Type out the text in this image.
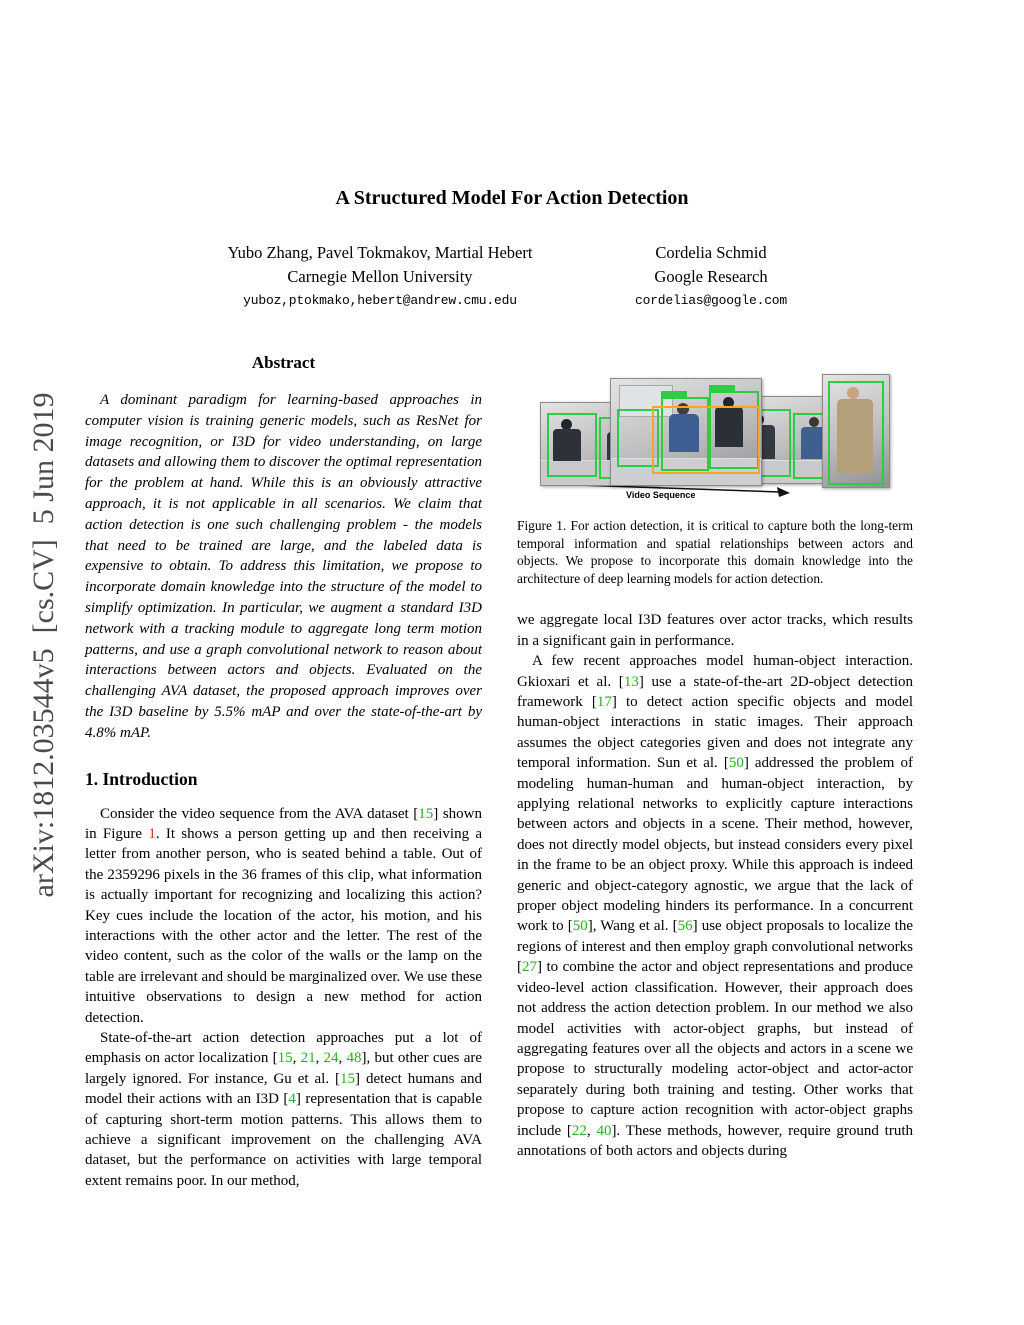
arXiv:1812.03544v5  [cs.CV]  5 Jun 2019
A Structured Model For Action Detection
Yubo Zhang, Pavel Tokmakov, Martial Hebert
Carnegie Mellon University
yuboz,ptokmako,hebert@andrew.cmu.edu
Cordelia Schmid
Google Research
cordelias@google.com
Abstract

A dominant paradigm for learning-based approaches in computer vision is training generic models, such as ResNet for image recognition, or I3D for video understanding, on large datasets and allowing them to discover the optimal representation for the problem at hand. While this is an obviously attractive approach, it is not applicable in all scenarios. We claim that action detection is one such challenging problem - the models that need to be trained are large, and the labeled data is expensive to obtain. To address this limitation, we propose to incorporate domain knowledge into the structure of the model to simplify optimization. In particular, we augment a standard I3D network with a tracking module to aggregate long term motion patterns, and use a graph convolutional network to reason about interactions between actors and objects. Evaluated on the challenging AVA dataset, the proposed approach improves over the I3D baseline by 5.5% mAP and over the state-of-the-art by 4.8% mAP.

1. Introduction

Consider the video sequence from the AVA dataset [15] shown in Figure 1. It shows a person getting up and then receiving a letter from another person, who is seated behind a table. Out of the 2359296 pixels in the 36 frames of this clip, what information is actually important for recognizing and localizing this action? Key cues include the location of the actor, his motion, and his interactions with the other actor and the letter. The rest of the video content, such as the color of the walls or the lamp on the table are irrelevant and should be marginalized over. We use these intuitive observations to design a new method for action detection.

State-of-the-art action detection approaches put a lot of emphasis on actor localization [15, 21, 24, 48], but other cues are largely ignored. For instance, Gu et al. [15] detect humans and model their actions with an I3D [4] representation that is capable of capturing short-term motion patterns. This allows them to achieve a significant improvement on the challenging AVA dataset, but the performance on activities with large temporal extent remains poor. In our method,

Video Sequence
Figure 1. For action detection, it is critical to capture both the long-term temporal information and spatial relationships between actors and objects. We propose to incorporate this domain knowledge into the architecture of deep learning models for action detection.

we aggregate local I3D features over actor tracks, which results in a significant gain in performance.

A few recent approaches model human-object interaction. Gkioxari et al. [13] use a state-of-the-art 2D-object detection framework [17] to detect action specific objects and model human-object interactions in static images. Their approach assumes the object categories given and does not integrate any temporal information. Sun et al. [50] addressed the problem of modeling human-human and human-object interaction, by applying relational networks to explicitly capture interactions between actors and objects in a scene. Their method, however, does not directly model objects, but instead considers every pixel in the frame to be an object proxy. While this approach is indeed generic and object-category agnostic, we argue that the lack of proper object modeling hinders its performance. In a concurrent work to [50], Wang et al. [56] use object proposals to localize the regions of interest and then employ graph convolutional networks [27] to combine the actor and object representations and produce video-level action classification. However, their approach does not address the action detection problem. In our method we also model activities with actor-object graphs, but instead of aggregating features over all the objects and actors in a scene we propose to structurally modeling actor-object and actor-actor separately during both training and testing. Other works that propose to capture action recognition with actor-object graphs include [22, 40]. These methods, however, require ground truth annotations of both actors and objects during
